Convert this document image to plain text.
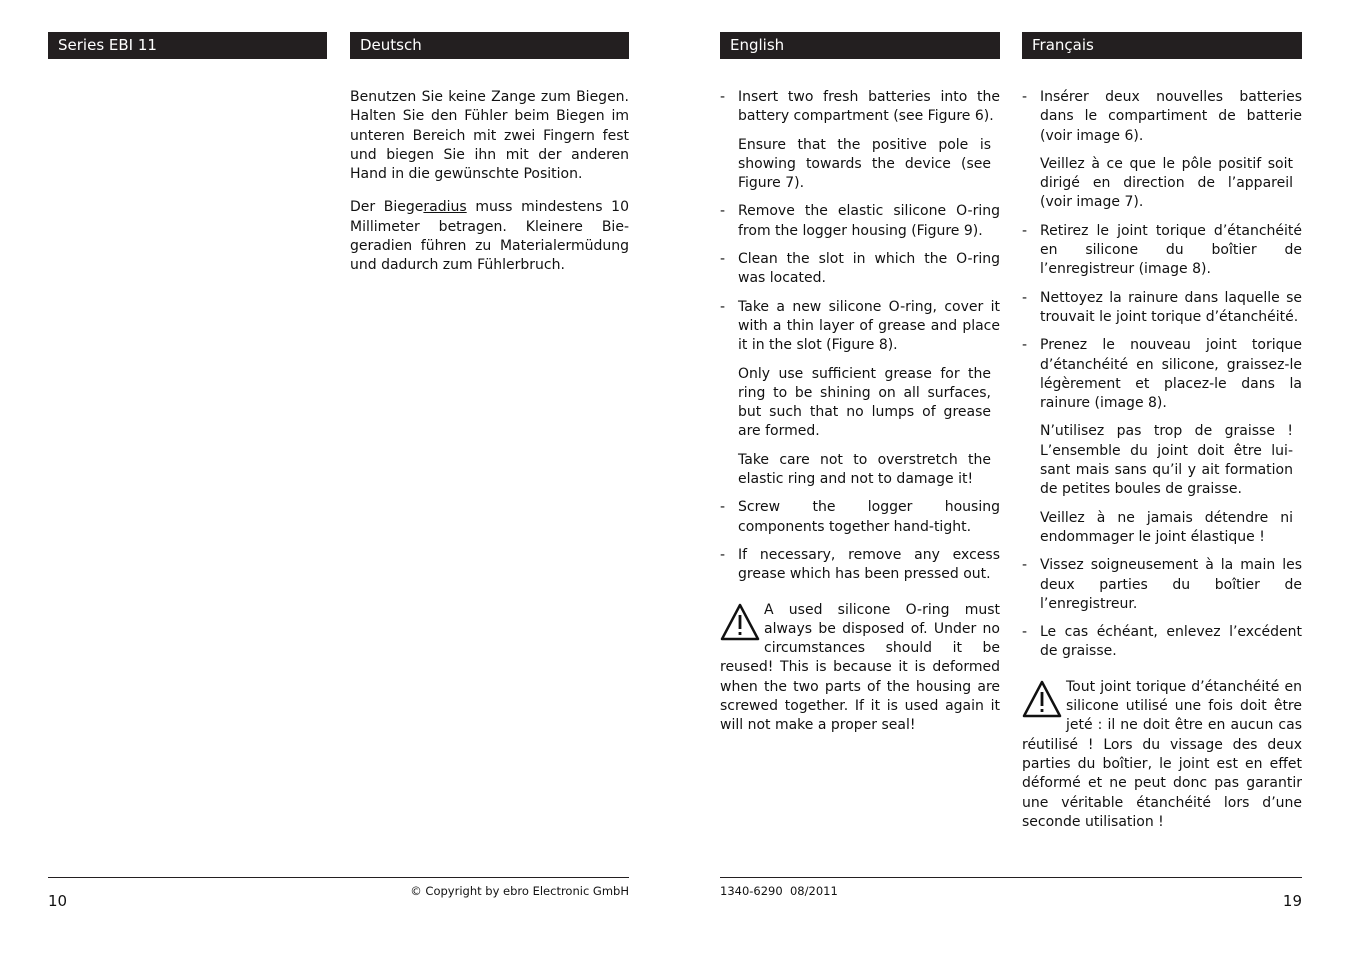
Series EBI 11	Deutsch	English	Français

Benutzen Sie keine Zange zum Biegen. Halten Sie den Fühler beim Biegen im unteren Bereich mit zwei Fingern fest und biegen Sie ihn mit der anderen Hand in die gewünschte Position.

Der Biegeradius muss mindestens 10 Millimeter betragen. Kleinere Biegeradien führen zu Materialermüdung und dadurch zum Fühlerbruch.

- Insert two fresh batteries into the battery compartment (see Figure 6).
Ensure that the positive pole is showing towards the device (see Figure 7).
- Remove the elastic silicone O-ring from the logger housing (Figure 9).
- Clean the slot in which the O-ring was located.
- Take a new silicone O-ring, cover it with a thin layer of grease and place it in the slot (Figure 8).
Only use sufficient grease for the ring to be shining on all surfaces, but such that no lumps of grease are formed.
Take care not to overstretch the elastic ring and not to damage it!
- Screw the logger housing components together hand-tight.
- If necessary, remove any excess grease which has been pressed out.
A used silicone O-ring must always be disposed of. Under no circumstances should it be reused! This is because it is deformed when the two parts of the housing are screwed together. If it is used again it will not make a proper seal!
- Insérer deux nouvelles batteries dans le compartiment de batterie (voir image 6).
Veillez à ce que le pôle positif soit dirigé en direction de l’appareil (voir image 7).
- Retirez le joint torique d’étanchéité en silicone du boîtier de l’enregistreur (image 8).
- Nettoyez la rainure dans laquelle se trouvait le joint torique d’étanchéité.
- Prenez le nouveau joint torique d’étanchéité en silicone, graissez-le légèrement et placez-le dans la rainure (image 8).
N’utilisez pas trop de graisse ! L’ensemble du joint doit être luisant mais sans qu’il y ait formation de petites boules de graisse.
Veillez à ne jamais détendre ni endommager le joint élastique !
- Vissez soigneusement à la main les deux parties du boîtier de l’enregistreur.
- Le cas échéant, enlevez l’excédent de graisse.
Tout joint torique d’étanchéité en silicone utilisé une fois doit être jeté : il ne doit être en aucun cas réutilisé ! Lors du vissage des deux parties du boîtier, le joint est en effet déformé et ne peut donc pas garantir une véritable étanchéité lors d’une seconde utilisation !
10
© Copyright by ebro Electronic GmbH	1340-6290  08/2011
19
